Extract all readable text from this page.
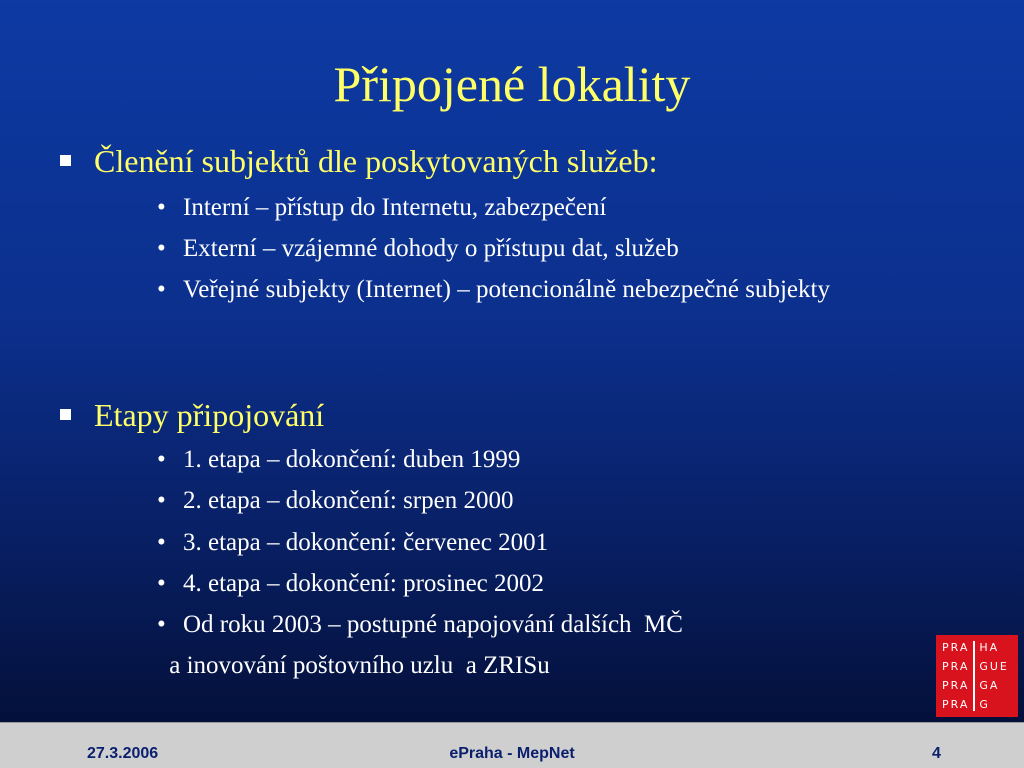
Připojené lokality
Členění subjektů dle poskytovaných služeb:
• Interní – přístup do Internetu, zabezpečení
• Externí – vzájemné dohody o přístupu dat, služeb
• Veřejné subjekty (Internet) – potencionálně nebezpečné subjekty
Etapy připojování
• 1. etapa – dokončení: duben 1999
• 2. etapa – dokončení: srpen 2000
• 3. etapa – dokončení: červenec 2001
• 4. etapa – dokončení: prosinec 2002
• Od roku 2003 – postupné napojování dalších  MČ
a inovování poštovního uzlu  a ZRISu
PRA
PRA
PRA
PRA
HA
GUE
GA
G
27.3.2006	ePraha - MepNet	4
